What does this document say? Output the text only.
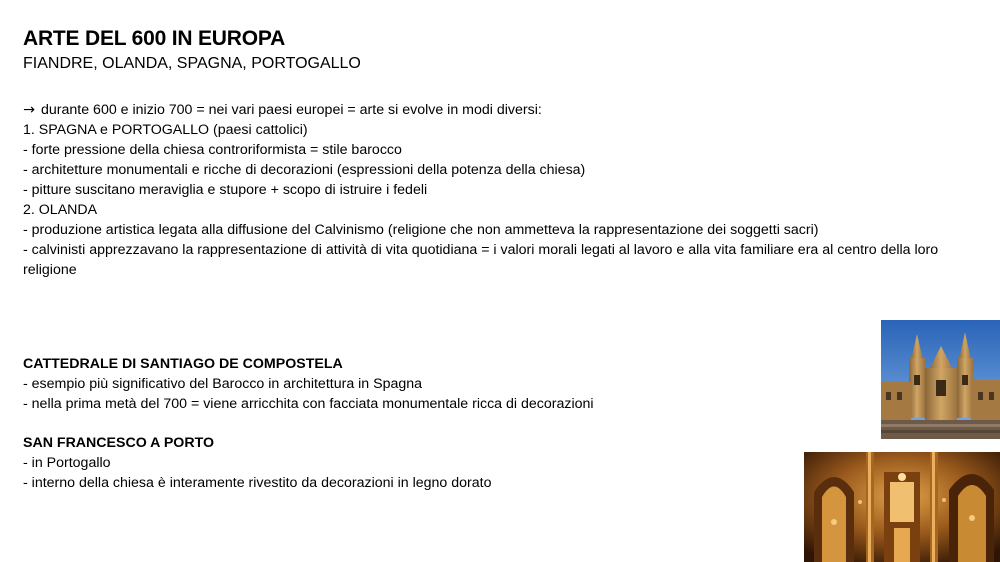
ARTE DEL 600 IN EUROPA
FIANDRE, OLANDA, SPAGNA, PORTOGALLO
→ durante 600 e inizio 700 = nei vari paesi europei = arte si evolve in modi diversi:
1. SPAGNA e PORTOGALLO (paesi cattolici)
- forte pressione della chiesa controriformista = stile barocco
- architetture monumentali e ricche di decorazioni (espressioni della potenza della chiesa)
- pitture suscitano meraviglia e stupore + scopo di istruire i fedeli
2. OLANDA
- produzione artistica legata alla diffusione del Calvinismo (religione che non ammetteva la rappresentazione dei soggetti sacri)
- calvinisti apprezzavano la rappresentazione di attività di vita quotidiana = i valori morali legati al lavoro e alla vita familiare era al centro della loro religione
CATTEDRALE DI SANTIAGO DE COMPOSTELA
- esempio più significativo del Barocco in architettura in Spagna
- nella prima metà del 700 = viene arricchita con facciata monumentale ricca di decorazioni
SAN FRANCESCO A PORTO
- in Portogallo
- interno della chiesa è interamente rivestito da decorazioni in legno dorato
